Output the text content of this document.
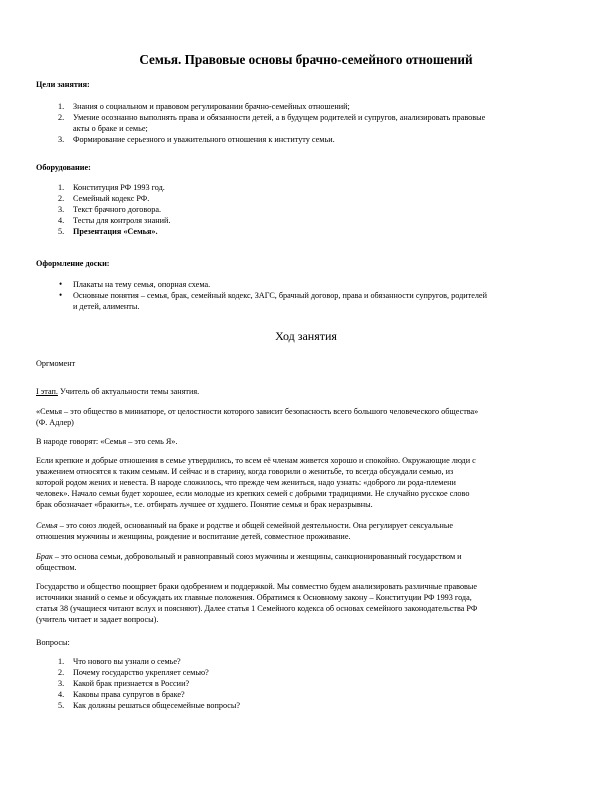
Семья. Правовые основы брачно-семейного отношений
Цели занятия:
1. Знания о социальном и правовом регулировании брачно-семейных отношений;
2. Умение осознанно выполнять права и обязанности детей, а в будущем родителей и супругов, анализировать правовые
акты о браке и семье;
3. Формирование серьезного и уважительного отношения к институту семьи.
Оборудование:
1. Конституция РФ 1993 год.
2. Семейный кодекс РФ.
3. Текст брачного договора.
4. Тесты для контроля знаний.
5. Презентация «Семья».
Оформление доски:
• Плакаты на тему семья, опорная схема.
• Основные понятия – семья, брак, семейный кодекс, ЗАГС, брачный договор, права и обязанности супругов, родителей
и детей, алименты.
Ход занятия
Оргмомент
I этап. Учитель об актуальности темы занятия.
«Семья – это общество в миниатюре, от целостности которого зависит безопасность всего большого человеческого общества»
(Ф. Адлер)
В народе говорят: «Семья – это семь Я».
Если крепкие и добрые отношения в семье утвердились, то всем её членам живется хорошо и спокойно. Окружающие люди с
уважением относятся к таким семьям. И сейчас и в старину, когда говорили о женитьбе, то всегда обсуждали семью, из
которой родом жених и невеста. В народе сложилось, что прежде чем жениться, надо узнать: «доброго ли рода-племени
человек». Начало семьи будет хорошее, если молодые из крепких семей с добрыми традициями. Не случайно русское слово
брак обозначает «бракить», т.е. отбирать лучшее от худшего. Понятие семья и брак неразрывны.
Семья – это союз людей, основанный на браке и родстве и общей семейной деятельности. Она регулирует сексуальные
отношения мужчины и женщины, рождение и воспитание детей, совместное проживание.
Брак – это основа семьи, добровольный и равноправный союз мужчины и женщины, санкционированный государством и
обществом.
Государство и общество поощряет браки одобрением и поддержкой. Мы совместно будем анализировать различные правовые
источники знаний о семье и обсуждать их главные положения. Обратимся к Основному закону – Конституции РФ 1993 года,
статья 38 (учащиеся читают вслух и поясняют). Далее статья 1 Семейного кодекса об основах семейного законодательства РФ
(учитель читает и задает вопросы).
Вопросы:
1. Что нового вы узнали о семье?
2. Почему государство укрепляет семью?
3. Какой брак признается в России?
4. Каковы права супругов в браке?
5. Как должны решаться общесемейные вопросы?
